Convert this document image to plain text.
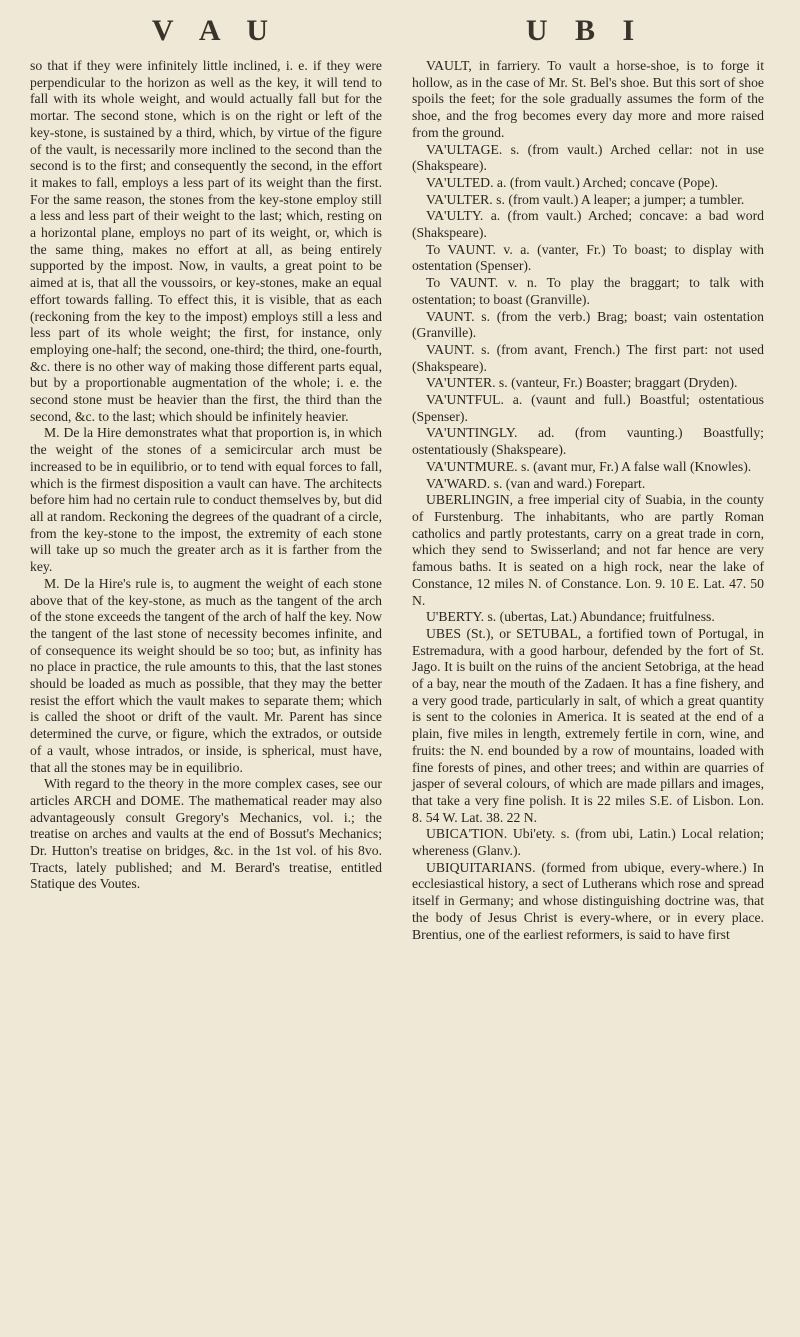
V A U	U B I

so that if they were infinitely little inclined, i. e. if they were perpendicular to the horizon as well as the key, it will tend to fall with its whole weight, and would actually fall but for the mortar. The second stone, which is on the right or left of the key-stone, is sustained by a third, which, by virtue of the figure of the vault, is necessarily more inclined to the second than the second is to the first; and consequently the second, in the effort it makes to fall, employs a less part of its weight than the first. For the same reason, the stones from the key-stone employ still a less and less part of their weight to the last; which, resting on a horizontal plane, employs no part of its weight, or, which is the same thing, makes no effort at all, as being entirely supported by the impost. Now, in vaults, a great point to be aimed at is, that all the voussoirs, or key-stones, make an equal effort towards falling. To effect this, it is visible, that as each (reckoning from the key to the impost) employs still a less and less part of its whole weight; the first, for instance, only employing one-half; the second, one-third; the third, one-fourth, &c. there is no other way of making those different parts equal, but by a proportionable augmentation of the whole; i. e. the second stone must be heavier than the first, the third than the second, &c. to the last; which should be infinitely heavier.

M. De la Hire demonstrates what that proportion is, in which the weight of the stones of a semicircular arch must be increased to be in equilibrio, or to tend with equal forces to fall, which is the firmest disposition a vault can have. The architects before him had no certain rule to conduct themselves by, but did all at random. Reckoning the degrees of the quadrant of a circle, from the key-stone to the impost, the extremity of each stone will take up so much the greater arch as it is farther from the key.

M. De la Hire's rule is, to augment the weight of each stone above that of the key-stone, as much as the tangent of the arch of the stone exceeds the tangent of the arch of half the key. Now the tangent of the last stone of necessity becomes infinite, and of consequence its weight should be so too; but, as infinity has no place in practice, the rule amounts to this, that the last stones should be loaded as much as possible, that they may the better resist the effort which the vault makes to separate them; which is called the shoot or drift of the vault. Mr. Parent has since determined the curve, or figure, which the extrados, or outside of a vault, whose intrados, or inside, is spherical, must have, that all the stones may be in equilibrio.

With regard to the theory in the more complex cases, see our articles ARCH and DOME. The mathematical reader may also advantageously consult Gregory's Mechanics, vol. i.; the treatise on arches and vaults at the end of Bossut's Mechanics; Dr. Hutton's treatise on bridges, &c. in the 1st vol. of his 8vo. Tracts, lately published; and M. Berard's treatise, entitled Statique des Voutes.

VAULT, in farriery. To vault a horse-shoe, is to forge it hollow, as in the case of Mr. St. Bel's shoe. But this sort of shoe spoils the feet; for the sole gradually assumes the form of the shoe, and the frog becomes every day more and more raised from the ground.

VA'ULTAGE. s. (from vault.) Arched cellar: not in use (Shakspeare).

VA'ULTED. a. (from vault.) Arched; concave (Pope).

VA'ULTER. s. (from vault.) A leaper; a jumper; a tumbler.

VA'ULTY. a. (from vault.) Arched; concave: a bad word (Shakspeare).

To VAUNT. v. a. (vanter, Fr.) To boast; to display with ostentation (Spenser).

To VAUNT. v. n. To play the braggart; to talk with ostentation; to boast (Granville).

VAUNT. s. (from the verb.) Brag; boast; vain ostentation (Granville).

VAUNT. s. (from avant, French.) The first part: not used (Shakspeare).

VA'UNTER. s. (vanteur, Fr.) Boaster; braggart (Dryden).

VA'UNTFUL. a. (vaunt and full.) Boastful; ostentatious (Spenser).

VA'UNTINGLY. ad. (from vaunting.) Boastfully; ostentatiously (Shakspeare).

VA'UNTMURE. s. (avant mur, Fr.) A false wall (Knowles).

VA'WARD. s. (van and ward.) Forepart.

UBERLINGIN, a free imperial city of Suabia, in the county of Furstenburg. The inhabitants, who are partly Roman catholics and partly protestants, carry on a great trade in corn, which they send to Swisserland; and not far hence are very famous baths. It is seated on a high rock, near the lake of Constance, 12 miles N. of Constance. Lon. 9. 10 E. Lat. 47. 50 N.

U'BERTY. s. (ubertas, Lat.) Abundance; fruitfulness.

UBES (St.), or SETUBAL, a fortified town of Portugal, in Estremadura, with a good harbour, defended by the fort of St. Jago. It is built on the ruins of the ancient Setobriga, at the head of a bay, near the mouth of the Zadaen. It has a fine fishery, and a very good trade, particularly in salt, of which a great quantity is sent to the colonies in America. It is seated at the end of a plain, five miles in length, extremely fertile in corn, wine, and fruits: the N. end bounded by a row of mountains, loaded with fine forests of pines, and other trees; and within are quarries of jasper of several colours, of which are made pillars and images, that take a very fine polish. It is 22 miles S.E. of Lisbon. Lon. 8. 54 W. Lat. 38. 22 N.

UBICA'TION. Ubi'ety. s. (from ubi, Latin.) Local relation; whereness (Glanv.).

UBIQUITARIANS. (formed from ubique, every-where.) In ecclesiastical history, a sect of Lutherans which rose and spread itself in Germany; and whose distinguishing doctrine was, that the body of Jesus Christ is every-where, or in every place. Brentius, one of the earliest reformers, is said to have first
